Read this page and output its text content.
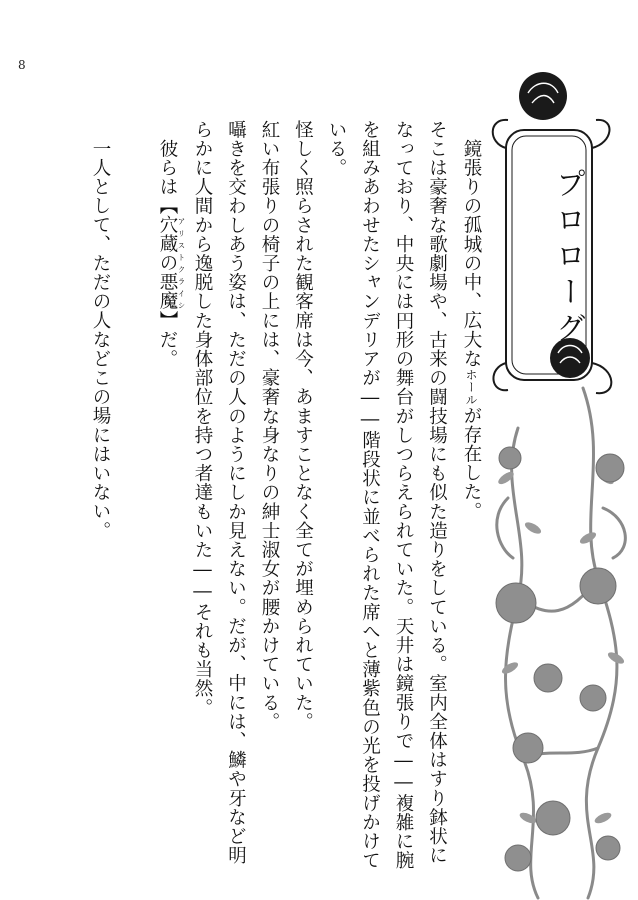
8

鏡張りの孤城の中、広大なホールが存在した。

そこは豪奢な歌劇場や、古来の闘技場にも似た造りをしている。室内全体はすり鉢状になっており、中央には円形の舞台がしつらえられていた。天井は鏡張りで――複雑に腕を組みあわせたシャンデリアが――階段状に並べられた席へと薄紫色の光を投げかけている。

怪しく照らされた観客席は今、あますことなく全てが埋められていた。

紅い布張りの椅子の上には、豪奢な身なりの紳士淑女が腰かけている。

囁きを交わしあう姿は、ただの人のようにしか見えない。だが、中には、鱗や牙など明らかに人間から逸脱した身体部位を持つ者達もいた――それも当然。

彼らは【穴蔵の悪魔 アリストクライシ】だ。

一人として、ただの人などこの場にはいない。	プロローグ
